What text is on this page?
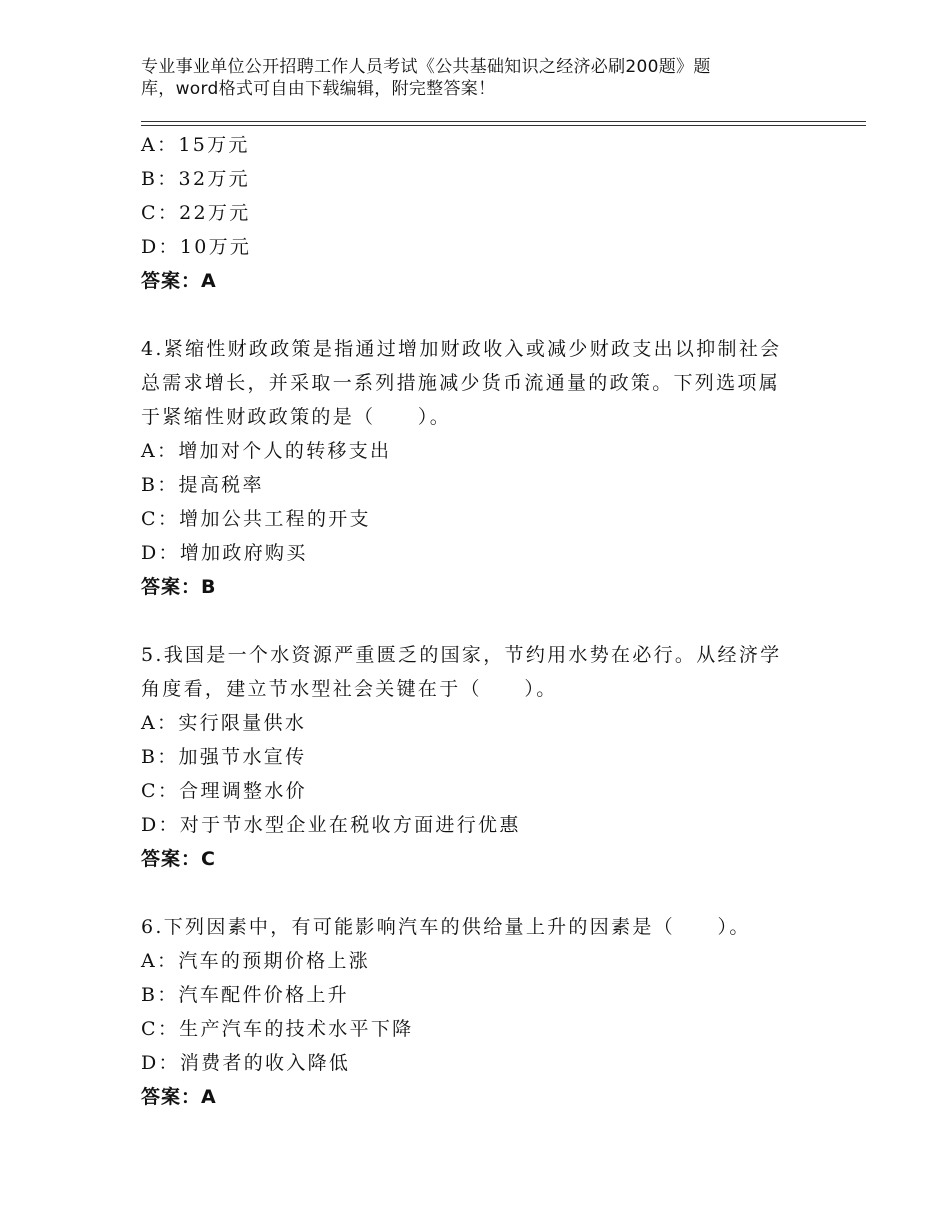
专业事业单位公开招聘工作人员考试《公共基础知识之经济必刷200题》题
库，word格式可自由下载编辑，附完整答案！
A：15万元
B：32万元
C：22万元
D：10万元
答案：A
4.紧缩性财政政策是指通过增加财政收入或减少财政支出以抑制社会
总需求增长，并采取一系列措施减少货币流通量的政策。下列选项属
于紧缩性财政政策的是（　　）。
A：增加对个人的转移支出
B：提高税率
C：增加公共工程的开支
D：增加政府购买
答案：B
5.我国是一个水资源严重匮乏的国家，节约用水势在必行。从经济学
角度看，建立节水型社会关键在于（　　）。
A：实行限量供水
B：加强节水宣传
C：合理调整水价
D：对于节水型企业在税收方面进行优惠
答案：C
6.下列因素中，有可能影响汽车的供给量上升的因素是（　　）。
A：汽车的预期价格上涨
B：汽车配件价格上升
C：生产汽车的技术水平下降
D：消费者的收入降低
答案：A
